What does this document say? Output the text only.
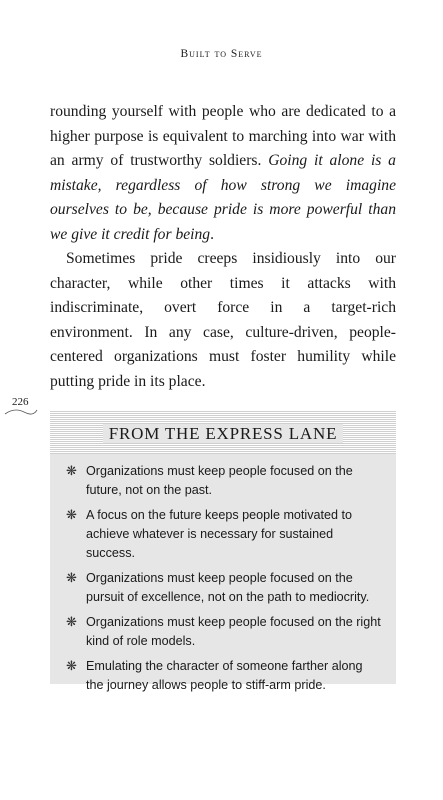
Built to Serve

rounding yourself with people who are dedicated to a higher purpose is equivalent to marching into war with an army of trustworthy soldiers. Going it alone is a mistake, regardless of how strong we imagine ourselves to be, because pride is more powerful than we give it credit for being.

Sometimes pride creeps insidiously into our character, while other times it attacks with indiscriminate, overt force in a target-rich environment. In any case, culture-driven, people-centered organizations must foster humility while putting pride in its place.

226
FROM THE EXPRESS LANE
❋ Organizations must keep people focused on the future, not on the past.
❋ A focus on the future keeps people motivated to achieve whatever is necessary for sustained success.
❋ Organizations must keep people focused on the pursuit of excellence, not on the path to mediocrity.
❋ Organizations must keep people focused on the right kind of role models.
❋ Emulating the character of someone farther along the journey allows people to stiff-arm pride.
